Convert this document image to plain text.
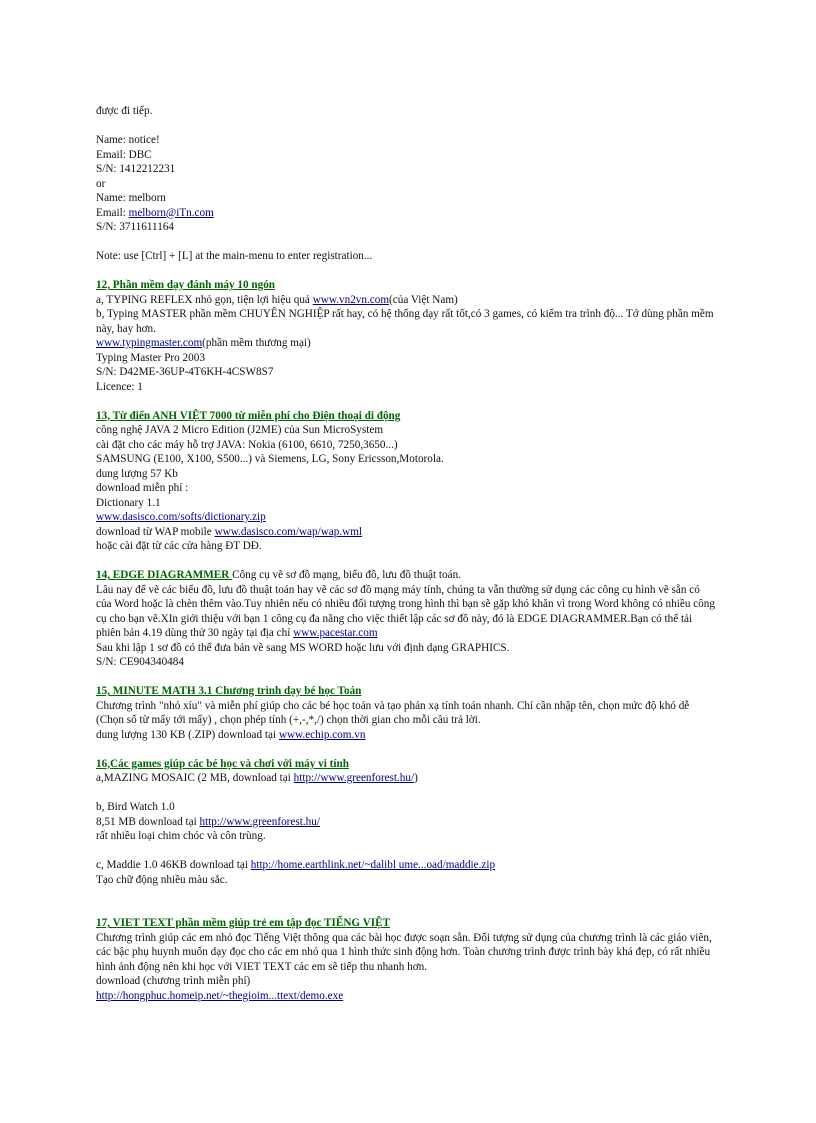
được đi tiếp.
Name: notice!
Email: DBC
S/N: 1412212231
or
Name: melborn
Email: melborn@iTn.com
S/N: 3711611164
Note: use [Ctrl] + [L] at the main-menu to enter registration...
12, Phần mềm dạy đánh máy 10 ngón
a, TYPING REFLEX nhỏ gọn, tiện lợi hiệu quả www.vn2vn.com(của Việt Nam)
b, Typing MASTER phần mềm CHUYÊN NGHIỆP rất hay, có hệ thống dạy rất tốt,có 3 games, có kiểm tra trình độ... Tớ dùng phần mềm này, hay hơn.
www.typingmaster.com(phần mềm thương mại)
Typing Master Pro 2003
S/N: D42ME-36UP-4T6KH-4CSW8S7
Licence: 1
13, Từ điển ANH VIỆT 7000 từ miễn phí cho Điện thoại di động
công nghệ JAVA 2 Micro Edition (J2ME) của Sun MicroSystem
cài đặt cho các máy hỗ trợ JAVA: Nokia (6100, 6610, 7250,3650...)
SAMSUNG (E100, X100, S500...) và Siemens, LG, Sony Ericsson,Motorola.
dung lượng 57 Kb
download miễn phí :
Dictionary 1.1
www.dasisco.com/softs/dictionary.zip
download từ WAP mobile www.dasisco.com/wap/wap.wml
hoặc cài đặt từ các cửa hàng ĐT DĐ.
14, EDGE DIAGRAMMER Công cụ vẽ sơ đồ mạng, biểu đồ, lưu đồ thuật toán.
Lâu nay để vẽ các biểu đồ, lưu đồ thuật toán hay vẽ các sơ đồ mạng máy tính, chúng ta vẫn thường sử dụng các công cụ hình vẽ sẵn có của Word hoặc là chèn thêm vào.Tuy nhiên nếu có nhiều đối tượng trong hình thì bạn sẽ gặp khó khăn vì trong Word không có nhiều công cụ cho bạn vẽ.XIn giới thiệu với bạn 1 công cụ đa năng cho việc thiết lập các sơ đồ này, đó là EDGE DIAGRAMMER.Bạn có thể tải phiên bản 4.19 dùng thử 30 ngày tại địa chỉ www.pacestar.com
Sau khi lập 1 sơ đồ có thể đưa bản vẽ sang MS WORD hoặc lưu với định dạng GRAPHICS.
S/N: CE904340484
15, MINUTE MATH 3.1 Chương trình dạy bé học Toán
Chương trình "nhỏ xíu" và miễn phí giúp cho các bé học toán và tạo phản xạ tính toán nhanh. Chỉ cần nhập tên, chọn mức độ khó dễ (Chọn số từ mấy tới mấy) , chọn phép tính (+,-,*,/) chọn thời gian cho mỗi câu trả lời.
dung lượng 130 KB (.ZIP) download tại www.echip.com.vn
16,Các games giúp các bé học và chơi với máy vi tính
a,MAZING MOSAIC (2 MB, download tại http://www.greenforest.hu/)
b, Bird Watch 1.0
8,51 MB download tại http://www.greenforest.hu/
rất nhiều loại chim chóc và côn trùng.
c, Maddie 1.0 46KB download tại http://home.earthlink.net/~dalibl ume...oad/maddie.zip
Tạo chữ động nhiều màu sắc.
17, VIET TEXT phần mềm giúp trẻ em tập đọc TIẾNG VIỆT
Chương trình giúp các em nhỏ đọc Tiếng Việt thông qua các bài học được soạn sẵn. Đối tượng sử dụng của chương trình là các giáo viên, các bậc phụ huynh muốn dạy đọc cho các em nhỏ qua 1 hình thức sinh động hơn. Toàn chương trình được trình bày khá đẹp, có rất nhiều hình ảnh động nên khi học với VIET TEXT các em sẽ tiếp thu nhanh hơn.
download (chương trình miễn phí)
http://hongphuc.homeip.net/~thegioim...ttext/demo.exe
